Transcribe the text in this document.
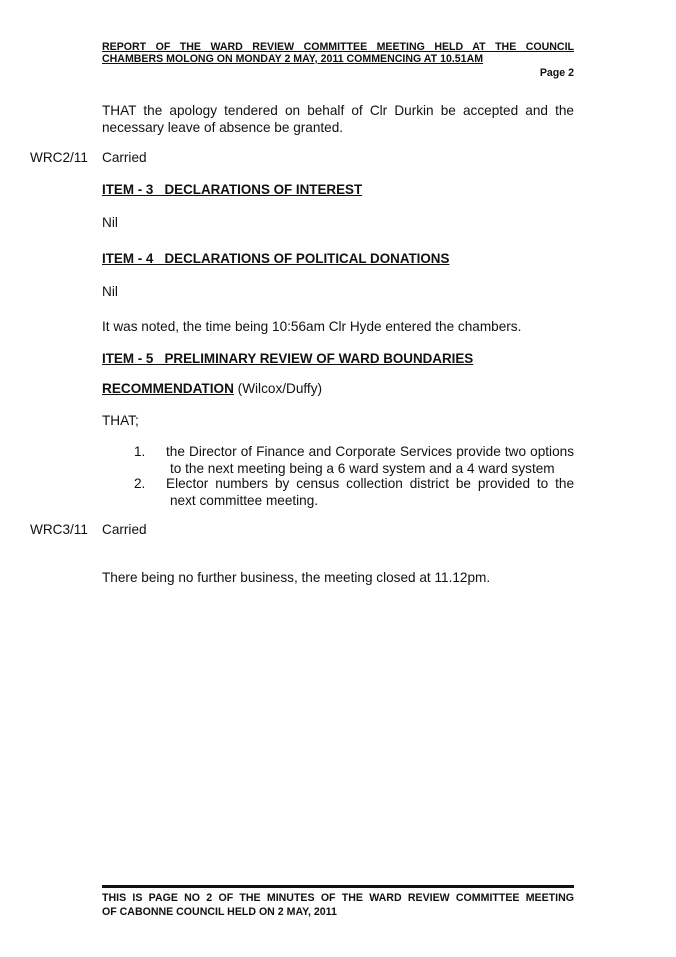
REPORT OF THE WARD REVIEW COMMITTEE MEETING HELD AT THE COUNCIL
CHAMBERS MOLONG ON MONDAY 2 MAY, 2011 COMMENCING AT 10.51AM
Page 2
THAT the apology tendered on behalf of Clr Durkin be accepted and the
necessary leave of absence be granted.
WRC2/11 Carried
ITEM - 3   DECLARATIONS OF INTEREST
Nil
ITEM - 4   DECLARATIONS OF POLITICAL DONATIONS
Nil
It was noted, the time being 10:56am Clr Hyde entered the chambers.
ITEM - 5   PRELIMINARY REVIEW OF WARD BOUNDARIES
RECOMMENDATION (Wilcox/Duffy)
THAT;
1. the Director of Finance and Corporate Services provide two options
to the next meeting being a 6 ward system and a 4 ward system
2. Elector numbers by census collection district be provided to the
next committee meeting.
WRC3/11 Carried
There being no further business, the meeting closed at 11.12pm.
THIS IS PAGE NO 2 OF THE MINUTES OF THE WARD REVIEW COMMITTEE MEETING
OF CABONNE COUNCIL HELD ON 2 MAY, 2011
